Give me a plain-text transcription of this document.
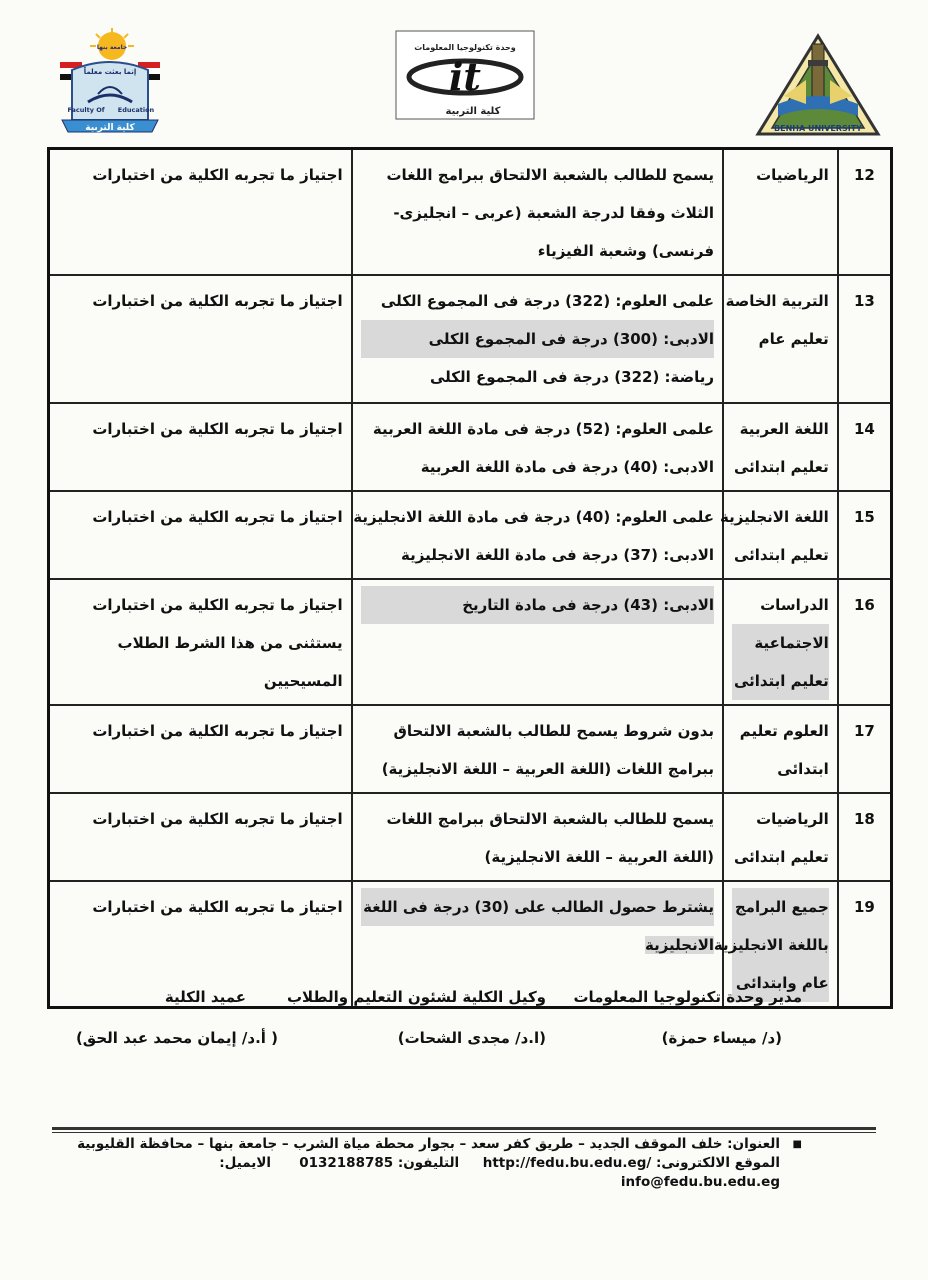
BENHA UNIVERSITY
وحدة تكنولوجيا المعلومات
it
كلية التربية
جامعة بنها
إنما بعثت معلماً
Faculty Of Education
كلية التربية
12	الرياضيات	يسمح للطالب بالشعبة الالتحاق ببرامج اللغات
الثلاث وفقا لدرجة الشعبة (عربى – انجليزى-
فرنسى) وشعبة الفيزياء	اجتياز ما تجربه الكلية من اختبارات

13	التربية الخاصة
تعليم عام	علمى العلوم: (322) درجة فى المجموع الكلى
الادبى: (300) درجة فى المجموع الكلى
رياضة: (322) درجة فى المجموع الكلى	اجتياز ما تجربه الكلية من اختبارات

14	اللغة العربية
تعليم ابتدائى	علمى العلوم: (52) درجة فى مادة اللغة العربية
الادبى: (40) درجة فى مادة اللغة العربية	اجتياز ما تجربه الكلية من اختبارات

15	اللغة الانجليزية
تعليم ابتدائى	علمى العلوم: (40) درجة فى مادة اللغة الانجليزية
الادبى: (37) درجة فى مادة اللغة الانجليزية	اجتياز ما تجربه الكلية من اختبارات

16	الدراسات
الاجتماعية
تعليم ابتدائى	الادبى: (43) درجة فى مادة التاريخ	اجتياز ما تجربه الكلية من اختبارات
يستثنى من هذا الشرط الطلاب
المسيحيين

17	العلوم تعليم
ابتدائى	بدون شروط يسمح للطالب بالشعبة الالتحاق
ببرامج اللغات (اللغة العربية – اللغة الانجليزية)	اجتياز ما تجربه الكلية من اختبارات

18	الرياضيات
تعليم ابتدائى	يسمح للطالب بالشعبة الالتحاق ببرامج اللغات
(اللغة العربية – اللغة الانجليزية)	اجتياز ما تجربه الكلية من اختبارات

19	جميع البرامج
باللغة الانجليزية
عام وابتدائى	يشترط حصول الطالب على (30) درجة فى اللغة
الانجليزية	اجتياز ما تجربه الكلية من اختبارات
مدير وحدة تكنولوجيا المعلومات
وكيل الكلية لشئون التعليم والطلاب
عميد الكلية
(د/ ميساء حمزة)
(ا.د/ مجدى الشحات)
( أ.د/ إيمان محمد عبد الحق)
■
العنوان: خلف الموقف الجديد – طريق كفر سعد – بجوار محطة مياة الشرب – جامعة بنها – محافظة القليوبية
الموقع الالكترونى: http://fedu.bu.edu.eg/     التليفون: 0132188785      الايميل:
info@fedu.bu.edu.eg
